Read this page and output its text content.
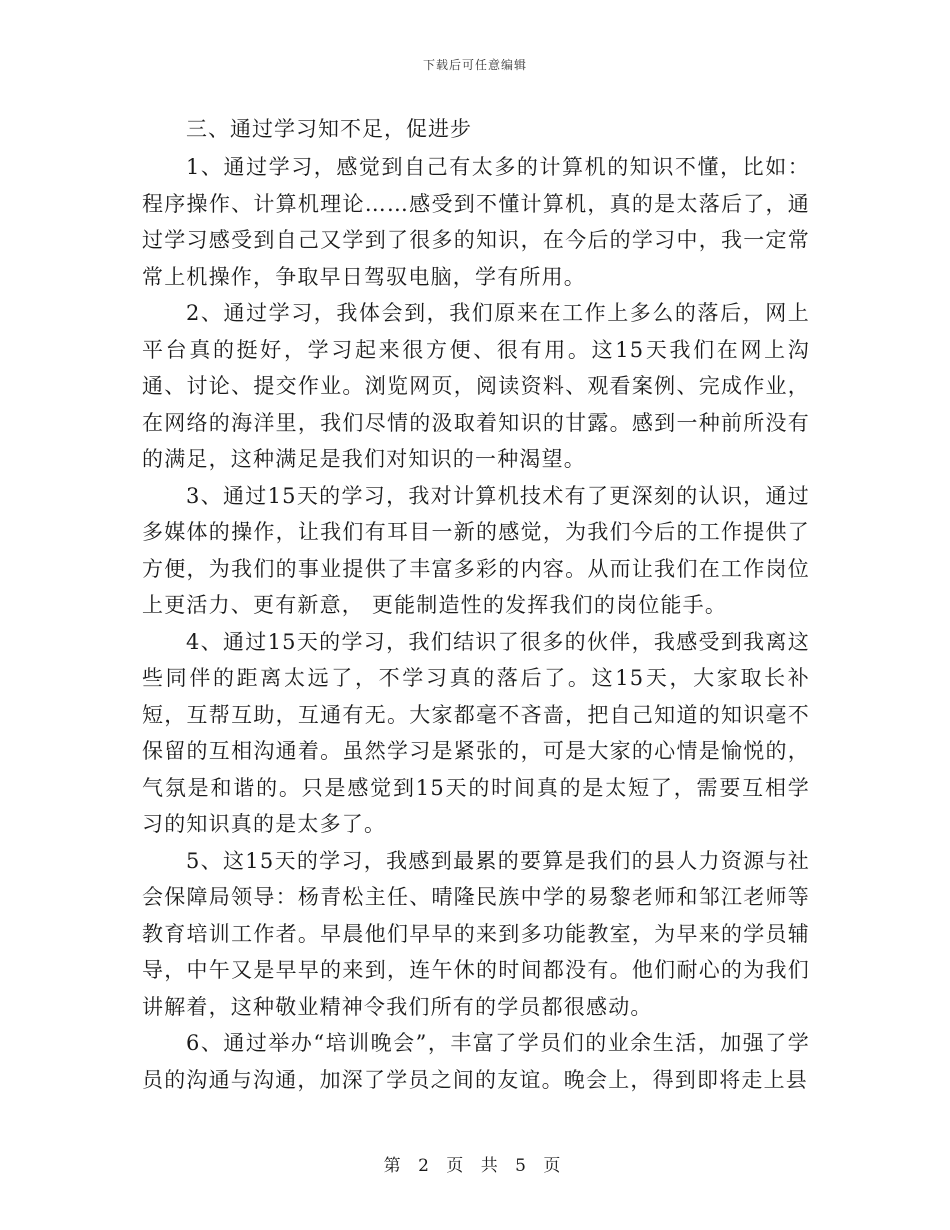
下载后可任意编辑
三、通过学习知不足，促进步

1、通过学习，感觉到自己有太多的计算机的知识不懂，比如：程序操作、计算机理论……感受到不懂计算机，真的是太落后了，通过学习感受到自己又学到了很多的知识，在今后的学习中，我一定常常上机操作，争取早日驾驭电脑，学有所用。

2、通过学习，我体会到，我们原来在工作上多么的落后，网上平台真的挺好，学习起来很方便、很有用。这15天我们在网上沟通、讨论、提交作业。浏览网页，阅读资料、观看案例、完成作业，在网络的海洋里，我们尽情的汲取着知识的甘露。感到一种前所没有的满足，这种满足是我们对知识的一种渴望。

3、通过15天的学习，我对计算机技术有了更深刻的认识，通过多媒体的操作，让我们有耳目一新的感觉，为我们今后的工作提供了方便，为我们的事业提供了丰富多彩的内容。从而让我们在工作岗位上更活力、更有新意， 更能制造性的发挥我们的岗位能手。

4、通过15天的学习，我们结识了很多的伙伴，我感受到我离这些同伴的距离太远了，不学习真的落后了。这15天，大家取长补短，互帮互助，互通有无。大家都毫不吝啬，把自己知道的知识毫不保留的互相沟通着。虽然学习是紧张的，可是大家的心情是愉悦的，气氛是和谐的。只是感觉到15天的时间真的是太短了，需要互相学习的知识真的是太多了。

5、这15天的学习，我感到最累的要算是我们的县人力资源与社会保障局领导：杨青松主任、晴隆民族中学的易黎老师和邹江老师等教育培训工作者。早晨他们早早的来到多功能教室，为早来的学员辅导，中午又是早早的来到，连午休的时间都没有。他们耐心的为我们讲解着，这种敬业精神令我们所有的学员都很感动。

6、通过举办“培训晚会”，丰富了学员们的业余生活，加强了学员的沟通与沟通，加深了学员之间的友谊。晚会上，得到即将走上县

第 2 页 共 5 页
